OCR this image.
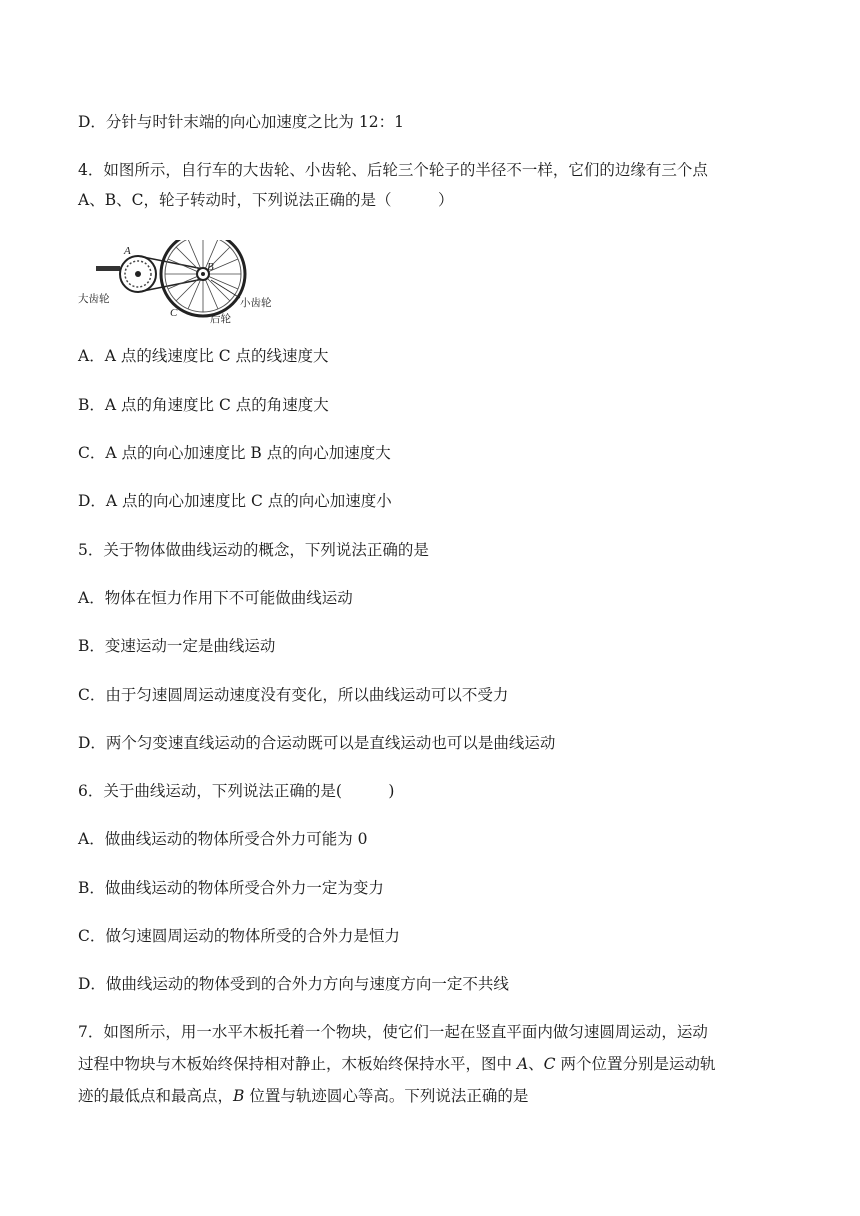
D．分针与时针末端的向心加速度之比为 12：1
4．如图所示，自行车的大齿轮、小齿轮、后轮三个轮子的半径不一样，它们的边缘有三个点
A、B、C，轮子转动时，下列说法正确的是（　　　）
A
B
C
大齿轮	小齿轮
后轮
A．A 点的线速度比 C 点的线速度大
B．A 点的角速度比 C 点的角速度大
C．A 点的向心加速度比 B 点的向心加速度大
D．A 点的向心加速度比 C 点的向心加速度小
5．关于物体做曲线运动的概念，下列说法正确的是
A．物体在恒力作用下不可能做曲线运动
B．变速运动一定是曲线运动
C．由于匀速圆周运动速度没有变化，所以曲线运动可以不受力
D．两个匀变速直线运动的合运动既可以是直线运动也可以是曲线运动
6．关于曲线运动，下列说法正确的是(　　　)
A．做曲线运动的物体所受合外力可能为 0
B．做曲线运动的物体所受合外力一定为变力
C．做匀速圆周运动的物体所受的合外力是恒力
D．做曲线运动的物体受到的合外力方向与速度方向一定不共线
7．如图所示，用一水平木板托着一个物块，使它们一起在竖直平面内做匀速圆周运动，运动
过程中物块与木板始终保持相对静止，木板始终保持水平，图中 A、C 两个位置分别是运动轨
迹的最低点和最高点，B 位置与轨迹圆心等高。下列说法正确的是
